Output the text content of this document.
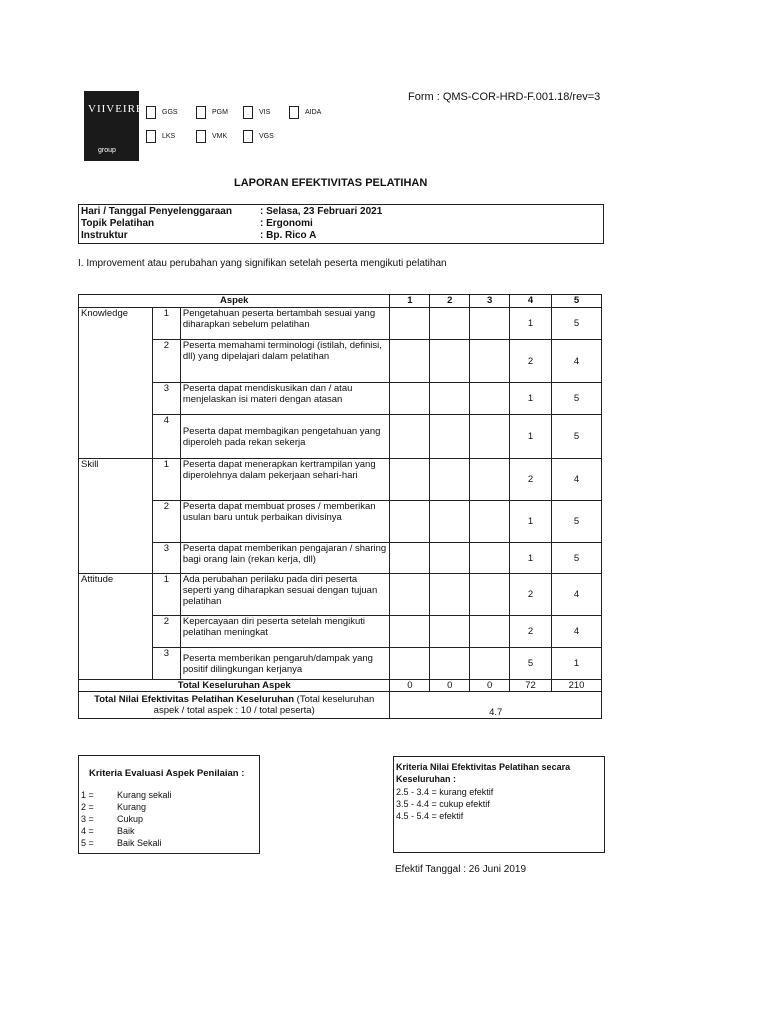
Form : QMS-COR-HRD-F.001.18/rev=3
VIIVEIRE
group
GGS	PGM	VIS	AIDA
LKS	VMK	VGS
LAPORAN EFEKTIVITAS PELATIHAN
Hari / Tanggal Penyelenggaraan	: Selasa, 23 Februari 2021
Topik Pelatihan	: Ergonomi
Instruktur	: Bp. Rico A
I. Improvement atau perubahan yang signifikan setelah peserta mengikuti pelatihan
Aspek			1	2	3	4	5
Knowledge	1	Pengetahuan peserta bertambah sesuai yang diharapkan sebelum pelatihan				1	5
	2	Peserta memahami terminologi (istilah, definisi, dll) yang dipelajari dalam pelatihan				2	4
	3	Peserta dapat mendiskusikan dan / atau menjelaskan isi materi dengan atasan				1	5
	4	Peserta dapat membagikan pengetahuan yang diperoleh pada rekan sekerja				1	5
Skill	1	Peserta dapat menerapkan kertrampilan yang diperolehnya dalam pekerjaan sehari-hari				2	4
	2	Peserta dapat membuat proses / memberikan usulan baru untuk perbaikan divisinya				1	5
	3	Peserta dapat memberikan pengajaran / sharing bagi orang lain (rekan kerja, dll)				1	5
Attitude	1	Ada perubahan perilaku pada diri peserta seperti yang diharapkan sesuai dengan tujuan pelatihan				2	4
	2	Kepercayaan diri peserta setelah mengikuti pelatihan meningkat				2	4
	3	Peserta memberikan pengaruh/dampak yang positif dilingkungan kerjanya				5	1
Total Keseluruhan Aspek			0	0	0	72	210
Total Nilai Efektivitas Pelatihan Keseluruhan (Total keseluruhan aspek / total aspek : 10 / total peserta)			4.7				
Kriteria Evaluasi Aspek Penilaian :
1 =	Kurang sekali
2 =	Kurang
3 =	Cukup
4 =	Baik
5 =	Baik Sekali
Kriteria Nilai Efektivitas Pelatihan secara Keseluruhan :
2.5 - 3.4 = kurang efektif
3.5 - 4.4 = cukup efektif
4.5 - 5.4 = efektif
Efektif Tanggal : 26 Juni 2019
